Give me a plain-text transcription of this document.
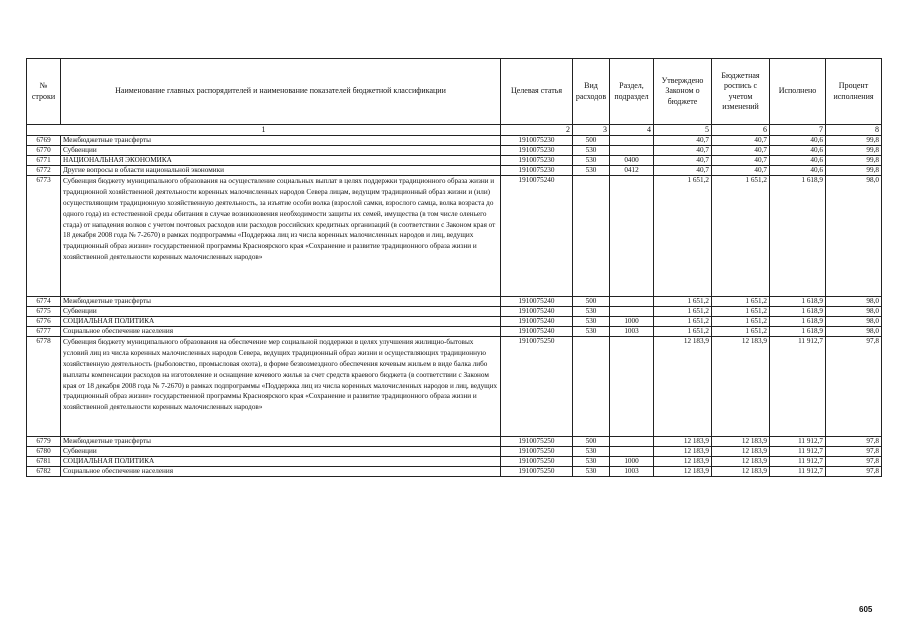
№ строки	Наименование главных распорядителей и наименование показателей бюджетной классификации	Целевая статья	Вид расходов	Раздел, подраздел	Утверждено Законом о бюджете	Бюджетная роспись с учетом изменений	Исполнено	Процент исполнения
1		2	3	4	5	6	7	8
6769	Межбюджетные трансферты	1910075230	500		40,7	40,7	40,6	99,8
6770	Субвенции	1910075230	530		40,7	40,7	40,6	99,8
6771	НАЦИОНАЛЬНАЯ ЭКОНОМИКА	1910075230	530	0400	40,7	40,7	40,6	99,8
6772	Другие вопросы в области национальной экономики	1910075230	530	0412	40,7	40,7	40,6	99,8
6773	Субвенция бюджету муниципального образования на осуществление социальных выплат в целях поддержки традиционного образа жизни и традиционной хозяйственной деятельности коренных малочисленных народов Севера лицам, ведущим традиционный образ жизни и (или) осуществляющим традиционную хозяйственную деятельность, за изъятие особи волка (взрослой самки, взрослого самца, волка возраста до одного года) из естественной среды обитания в случае возникновения необходимости защиты их семей, имущества (в том числе оленьего стада) от нападения волков с учетом почтовых расходов или расходов российских кредитных организаций (в соответствии с Законом края от 18 декабря 2008 года № 7-2670) в рамках подпрограммы «Поддержка лиц из числа коренных малочисленных народов и лиц, ведущих традиционный образ жизни» государственной программы Красноярского края «Сохранение и развитие традиционного образа жизни и хозяйственной деятельности коренных малочисленных народов»	1910075240			1 651,2	1 651,2	1 618,9	98,0
6774	Межбюджетные трансферты	1910075240	500		1 651,2	1 651,2	1 618,9	98,0
6775	Субвенции	1910075240	530		1 651,2	1 651,2	1 618,9	98,0
6776	СОЦИАЛЬНАЯ ПОЛИТИКА	1910075240	530	1000	1 651,2	1 651,2	1 618,9	98,0
6777	Социальное обеспечение населения	1910075240	530	1003	1 651,2	1 651,2	1 618,9	98,0
6778	Субвенция бюджету муниципального образования на обеспечение мер социальной поддержки в целях улучшения жилищно-бытовых условий лиц из числа коренных малочисленных народов Севера, ведущих традиционный образ жизни и осуществляющих традиционную хозяйственную деятельность (рыболовство, промысловая охота), в форме безвозмездного обеспечения кочевым жильем в виде балка либо выплаты компенсации расходов на изготовление и оснащение кочевого жилья за счет средств краевого бюджета (в соответствии с Законом края от 18 декабря 2008 года № 7-2670) в рамках подпрограммы «Поддержка лиц из числа коренных малочисленных народов и лиц, ведущих традиционный образ жизни» государственной программы Красноярского края «Сохранение и развитие традиционного образа жизни и хозяйственной деятельности коренных малочисленных народов»	1910075250			12 183,9	12 183,9	11 912,7	97,8
6779	Межбюджетные трансферты	1910075250	500		12 183,9	12 183,9	11 912,7	97,8
6780	Субвенции	1910075250	530		12 183,9	12 183,9	11 912,7	97,8
6781	СОЦИАЛЬНАЯ ПОЛИТИКА	1910075250	530	1000	12 183,9	12 183,9	11 912,7	97,8
6782	Социальное обеспечение населения	1910075250	530	1003	12 183,9	12 183,9	11 912,7	97,8
605
